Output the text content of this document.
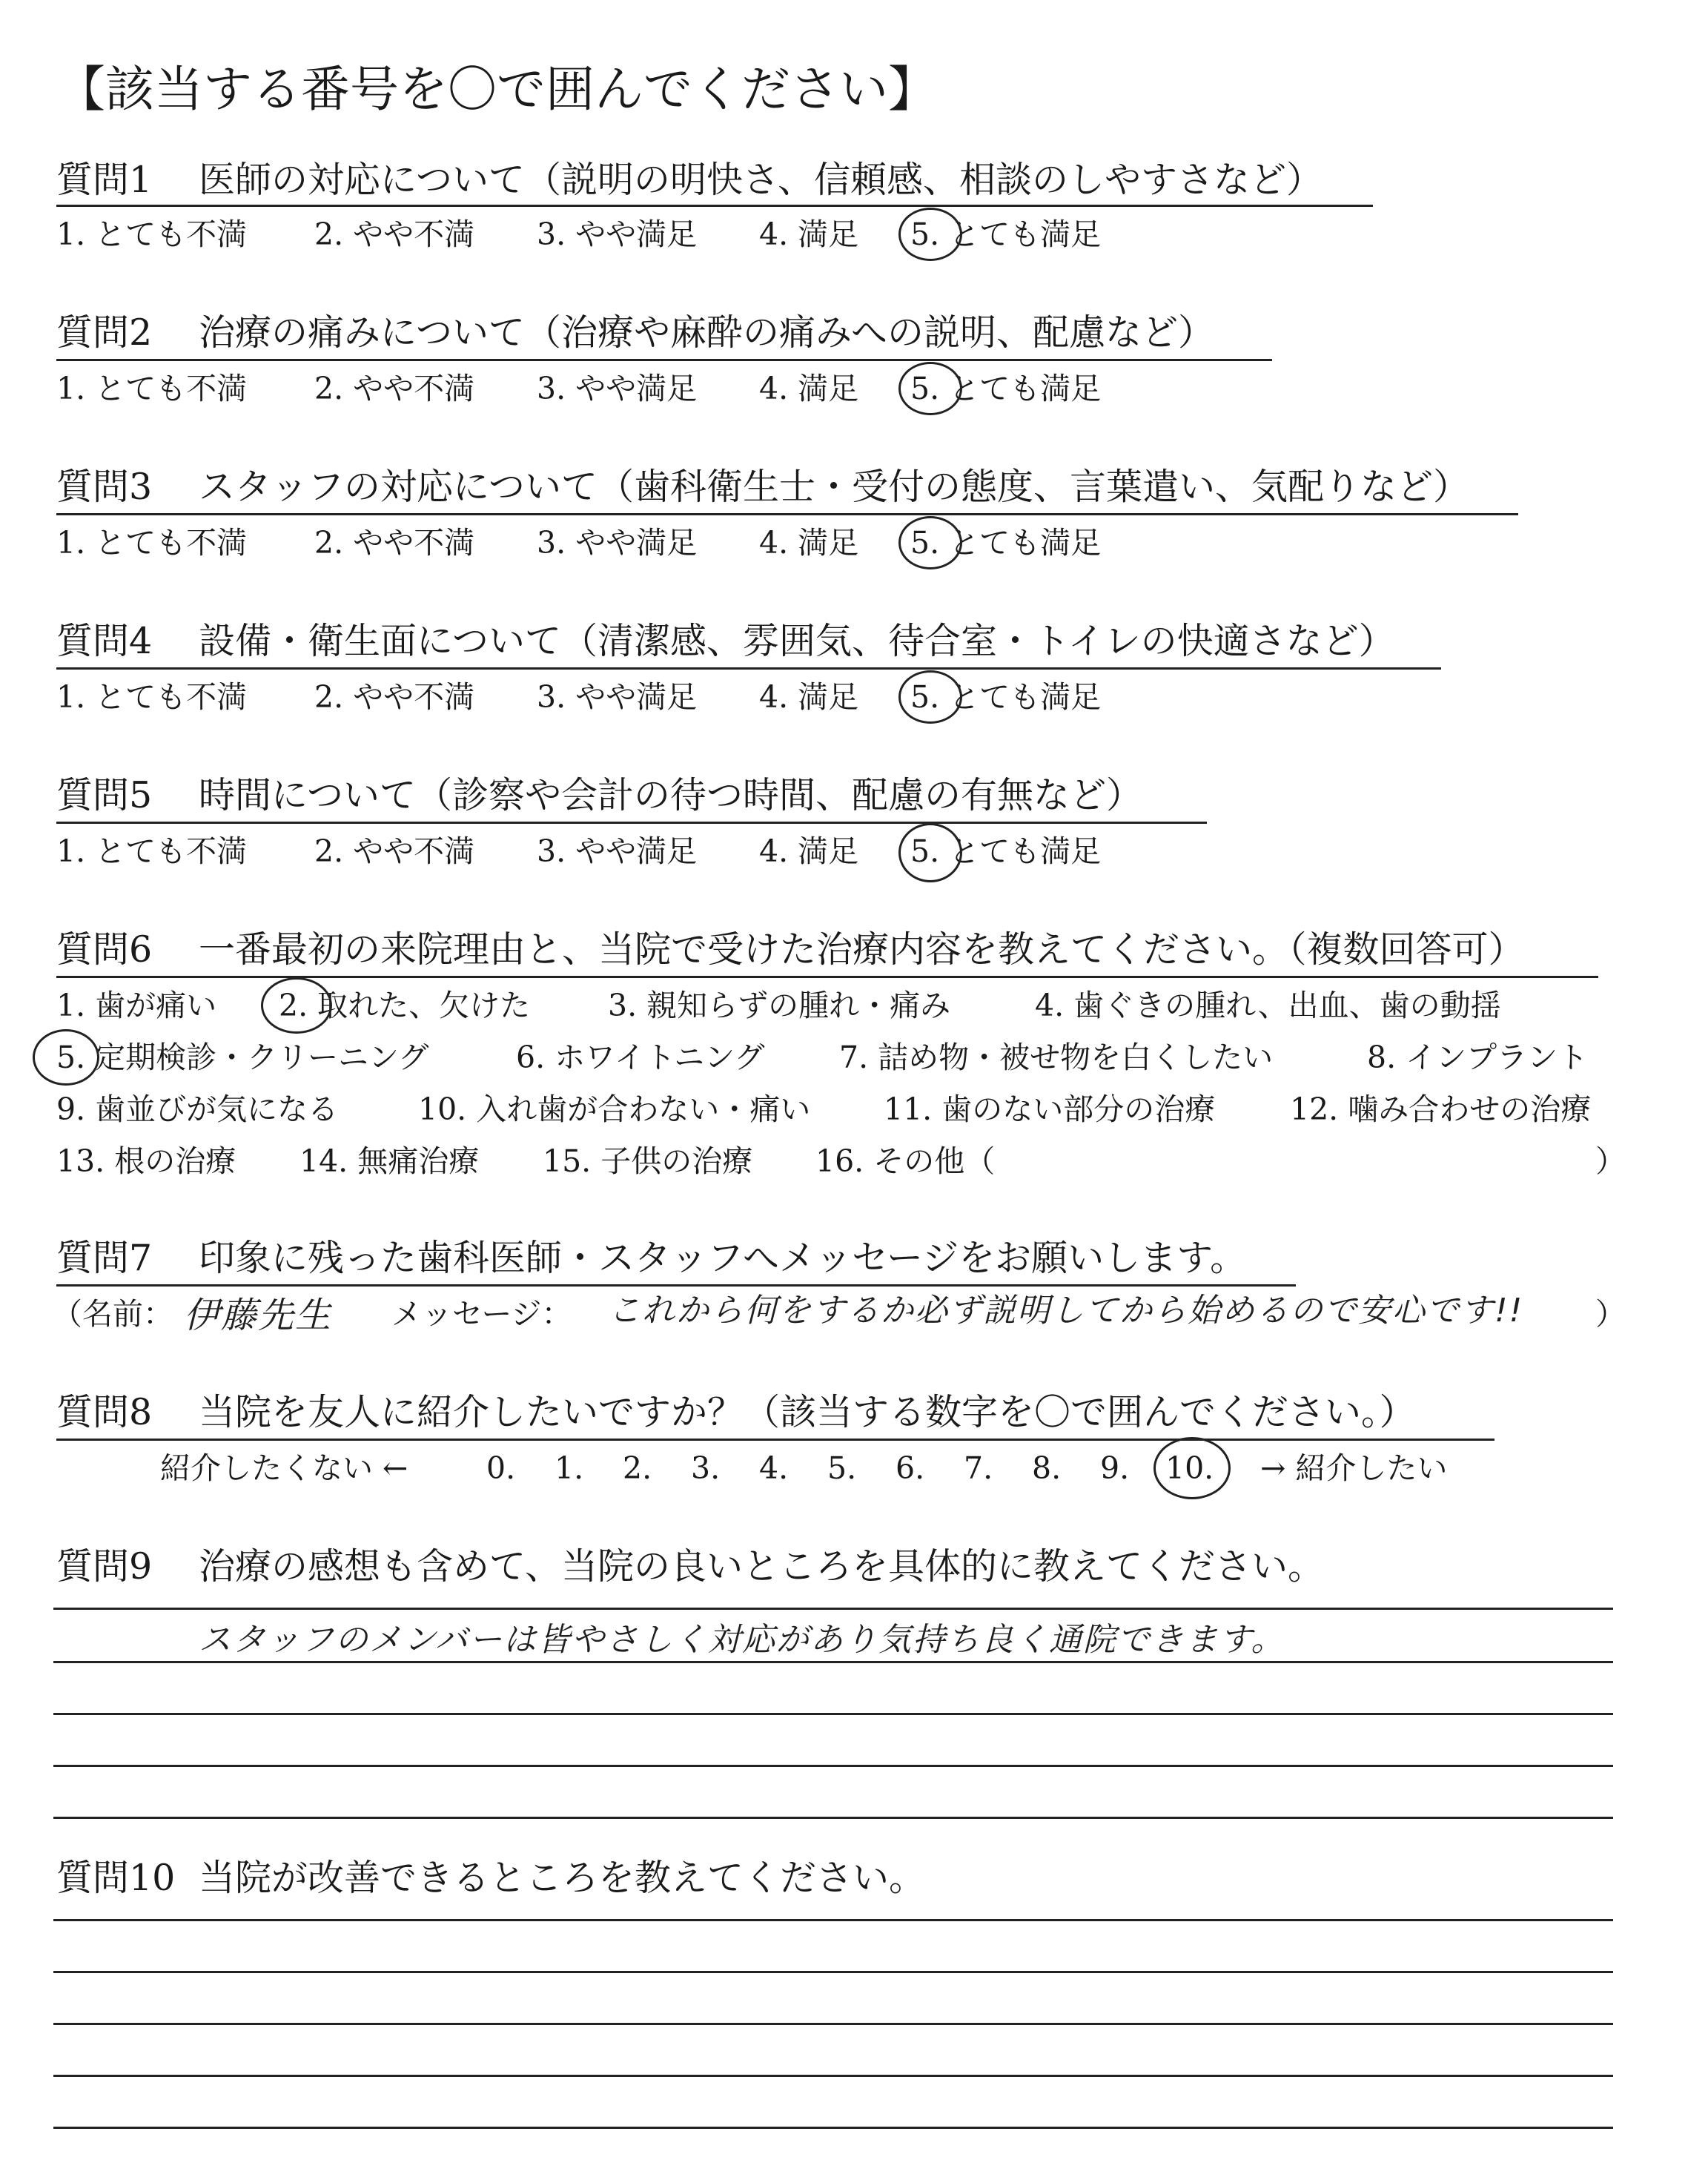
【該当する番号を〇で囲んでください】
質問1 医師の対応について（説明の明快さ、信頼感、相談のしやすさなど）
1. とても不満 2. やや不満 3. やや満足 4. 満足 5. とても満足
質問2 治療の痛みについて（治療や麻酔の痛みへの説明、配慮など）
1. とても不満 2. やや不満 3. やや満足 4. 満足 5. とても満足
質問3 スタッフの対応について（歯科衛生士・受付の態度、言葉遣い、気配りなど）
1. とても不満 2. やや不満 3. やや満足 4. 満足 5. とても満足
質問4 設備・衛生面について（清潔感、雰囲気、待合室・トイレの快適さなど）
1. とても不満 2. やや不満 3. やや満足 4. 満足 5. とても満足
質問5 時間について（診察や会計の待つ時間、配慮の有無など）
1. とても不満 2. やや不満 3. やや満足 4. 満足 5. とても満足
質問6 一番最初の来院理由と、当院で受けた治療内容を教えてください。（複数回答可）
1. 歯が痛い 2. 取れた、欠けた	3. 親知らずの腫れ・痛み	4. 歯ぐきの腫れ、出血、歯の動揺
5. 定期検診・クリーニング	6. ホワイトニング 7. 詰め物・被せ物を白くしたい	8. インプラント
9. 歯並びが気になる	10. 入れ歯が合わない・痛い 11. 歯のない部分の治療 12. 噛み合わせの治療
13. 根の治療 14. 無痛治療 15. 子供の治療 16. その他（	）
質問7 印象に残った歯科医師・スタッフへメッセージをお願いします。
（名前： 伊藤先生 メッセージ： これから何をするか必ず説明してから始めるので安心です!! ）
質問8 当院を友人に紹介したいですか？（該当する数字を〇で囲んでください。）
紹介したくない ←	0. 1. 2. 3. 4. 5. 6. 7. 8. 9. 10. → 紹介したい
質問9 治療の感想も含めて、当院の良いところを具体的に教えてください。
スタッフのメンバーは皆やさしく対応があり気持ち良く通院できます。
質問10 当院が改善できるところを教えてください。
